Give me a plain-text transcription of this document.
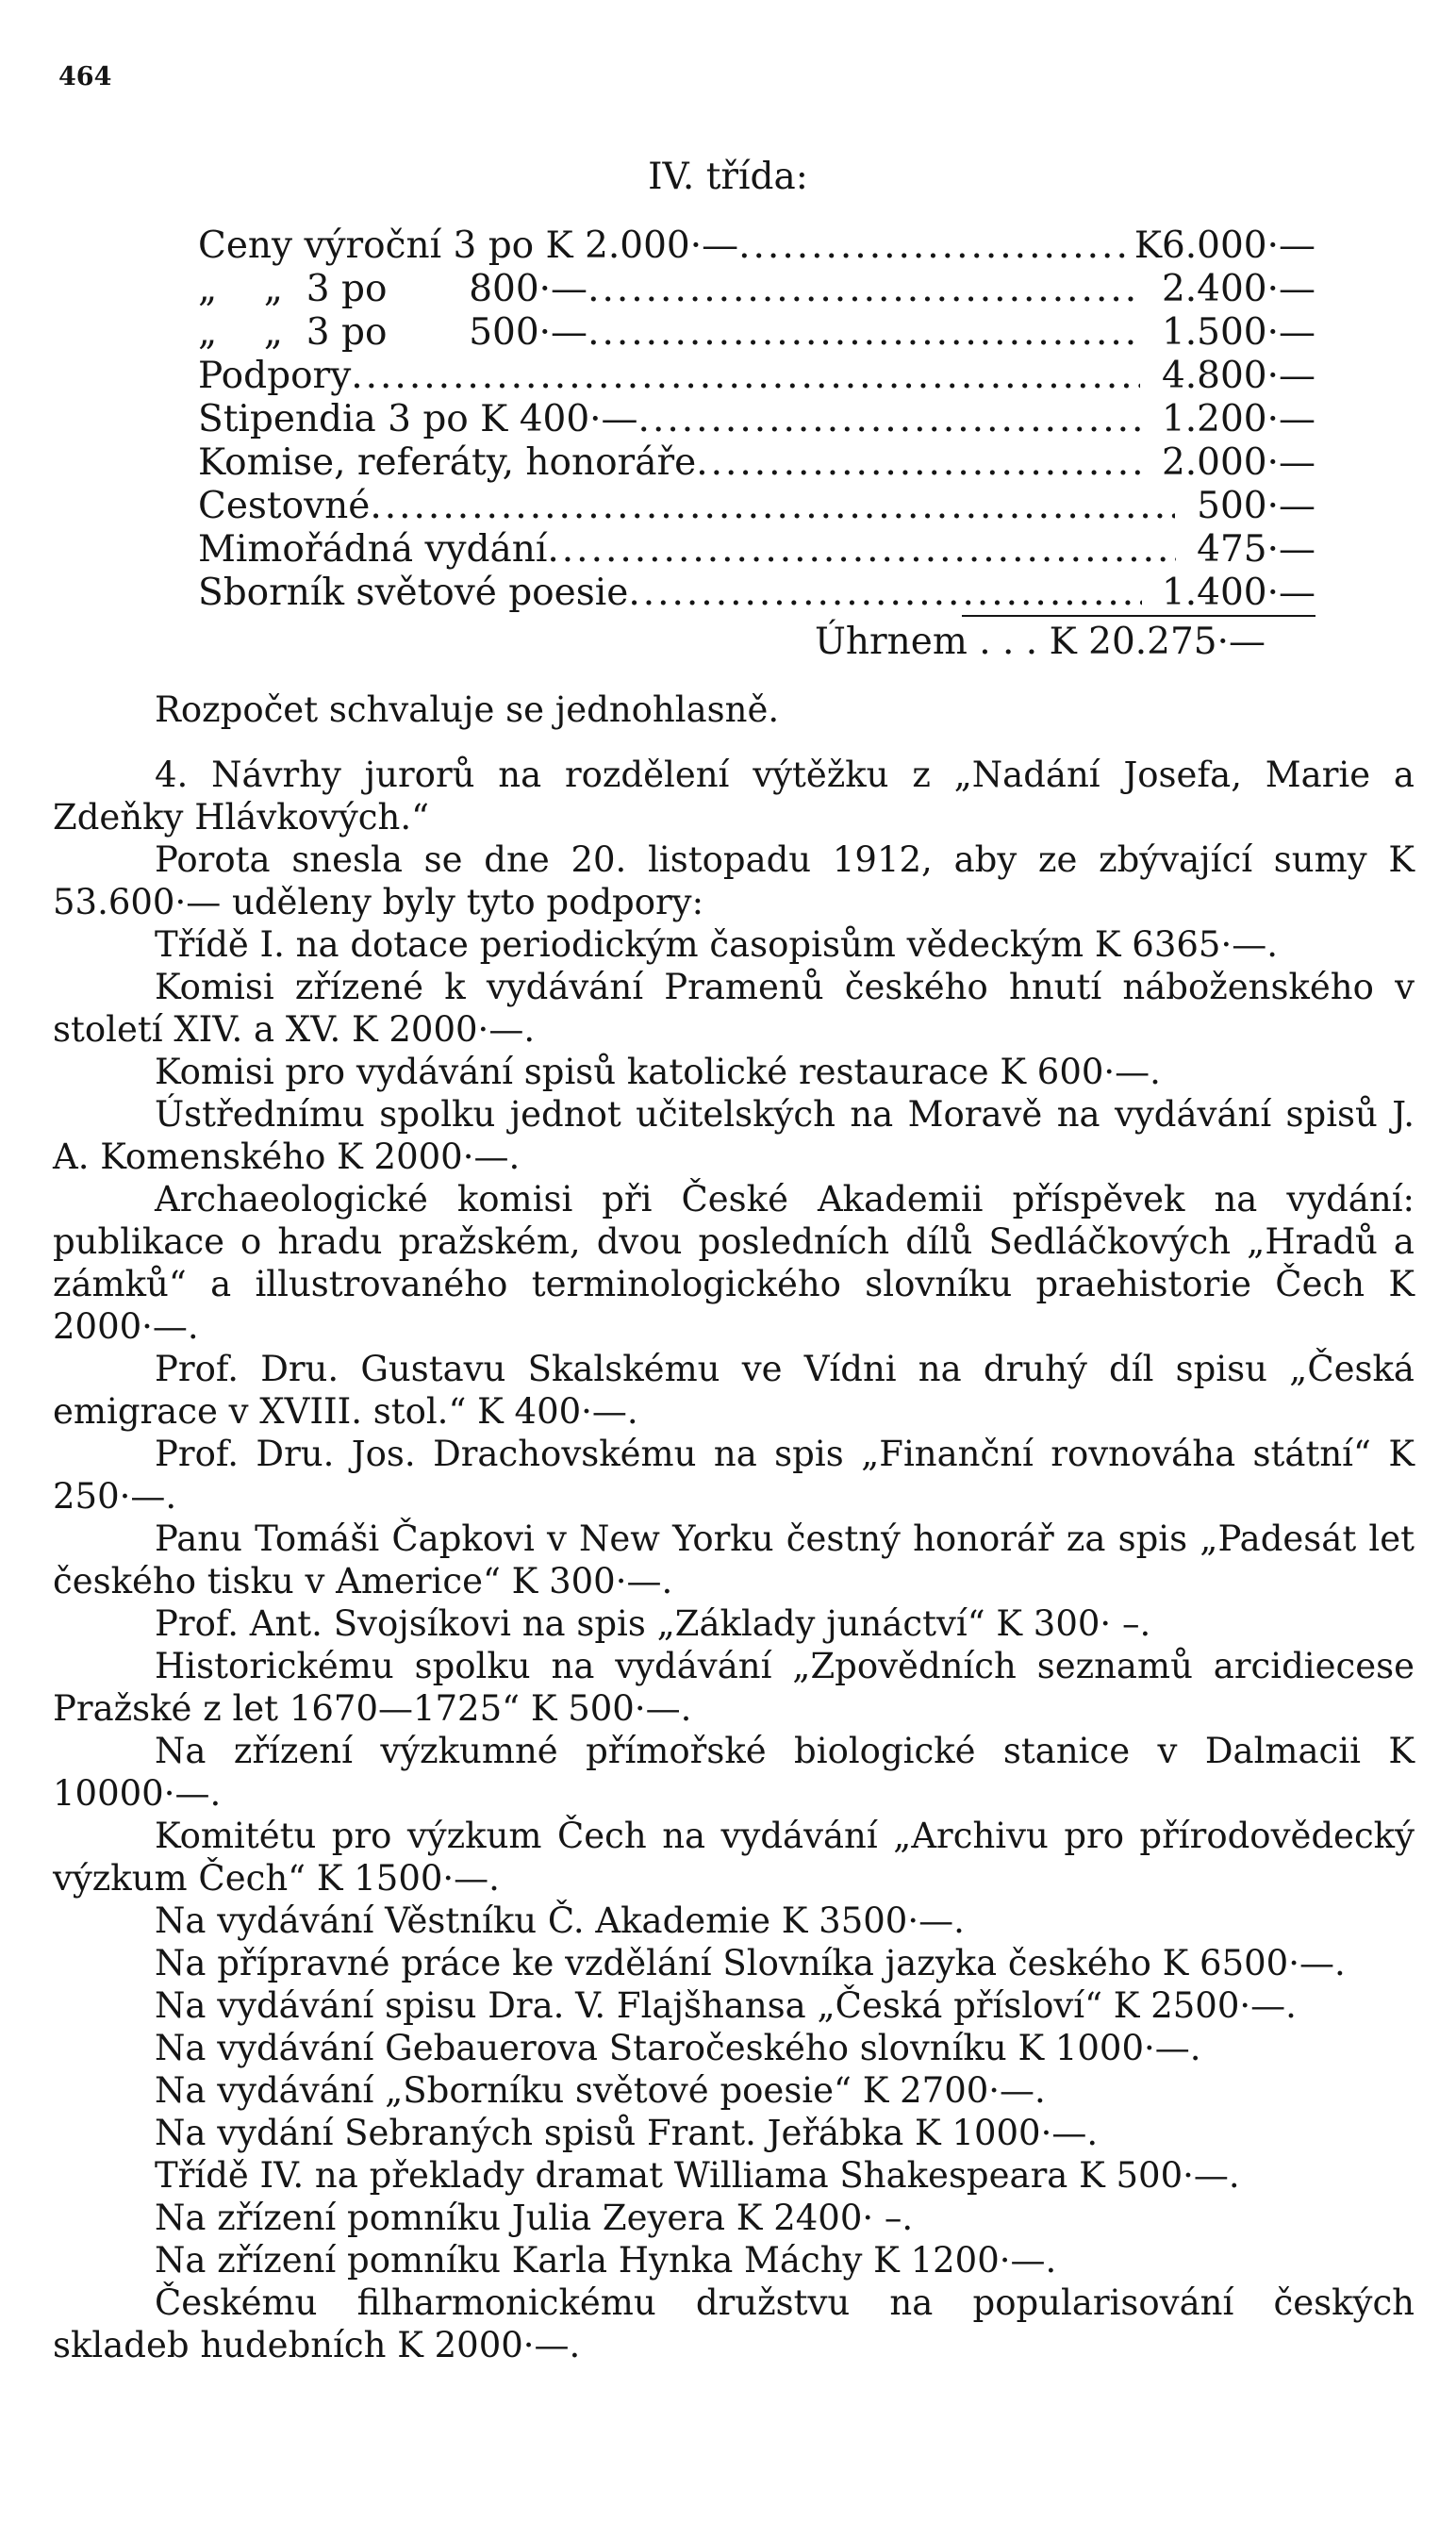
464
IV. třída:
Ceny výroční 3 po K 2.000·— .....	K 6.000·—
„    „  3 po       800·— .....	2.400·—
„    „  3 po       500·— .....	1.500·—
Podpory .....	4.800·—
Stipendia 3 po K 400·— .....	1.200·—
Komise, referáty, honoráře .....	2.000·—
Cestovné .....	500·—
Mimořádná vydání .....	475·—
Sborník světové poesie .....	1.400·—
Úhrnem . . . K 20.275·—

Rozpočet schvaluje se jednohlasně.

4. Návrhy jurorů na rozdělení výtěžku z „Nadání Josefa, Marie a Zdeňky Hlávkových.“

Porota snesla se dne 20. listopadu 1912, aby ze zbývající sumy K 53.600·— uděleny byly tyto podpory:

Třídě I. na dotace periodickým časopisům vědeckým K 6365·—.

Komisi zřízené k vydávání Pramenů českého hnutí náboženského v století XIV. a XV. K 2000·—.

Komisi pro vydávání spisů katolické restaurace K 600·—.

Ústřednímu spolku jednot učitelských na Moravě na vydávání spisů J. A. Komenského K 2000·—.

Archaeologické komisi při České Akademii příspěvek na vydání: publikace o hradu pražském, dvou posledních dílů Sedláčkových „Hradů a zámků“ a illustrovaného terminologického slovníku praehistorie Čech K 2000·—.

Prof. Dru. Gustavu Skalskému ve Vídni na druhý díl spisu „Česká emigrace v XVIII. stol.“ K 400·—.

Prof. Dru. Jos. Drachovskému na spis „Finanční rovnováha státní“ K 250·—.

Panu Tomáši Čapkovi v New Yorku čestný honorář za spis „Padesát let českého tisku v Americe“ K 300·—.

Prof. Ant. Svojsíkovi na spis „Základy junáctví“ K 300· –.

Historickému spolku na vydávání „Zpovědních seznamů arcidiecese Pražské z let 1670—1725“ K 500·—.

Na zřízení výzkumné přímořské biologické stanice v Dalmacii K 10000·—.

Komitétu pro výzkum Čech na vydávání „Archivu pro přírodovědecký výzkum Čech“ K 1500·—.

Na vydávání Věstníku Č. Akademie K 3500·—.

Na přípravné práce ke vzdělání Slovníka jazyka českého K 6500·—.

Na vydávání spisu Dra. V. Flajšhansa „Česká přísloví“ K 2500·—.

Na vydávání Gebauerova Staročeského slovníku K 1000·—.

Na vydávání „Sborníku světové poesie“ K 2700·—.

Na vydání Sebraných spisů Frant. Jeřábka K 1000·—.

Třídě IV. na překlady dramat Williama Shakespeara K 500·—.

Na zřízení pomníku Julia Zeyera K 2400· –.

Na zřízení pomníku Karla Hynka Máchy K 1200·—.

Českému filharmonickému družstvu na popularisování českých skladeb hudebních K 2000·—.
